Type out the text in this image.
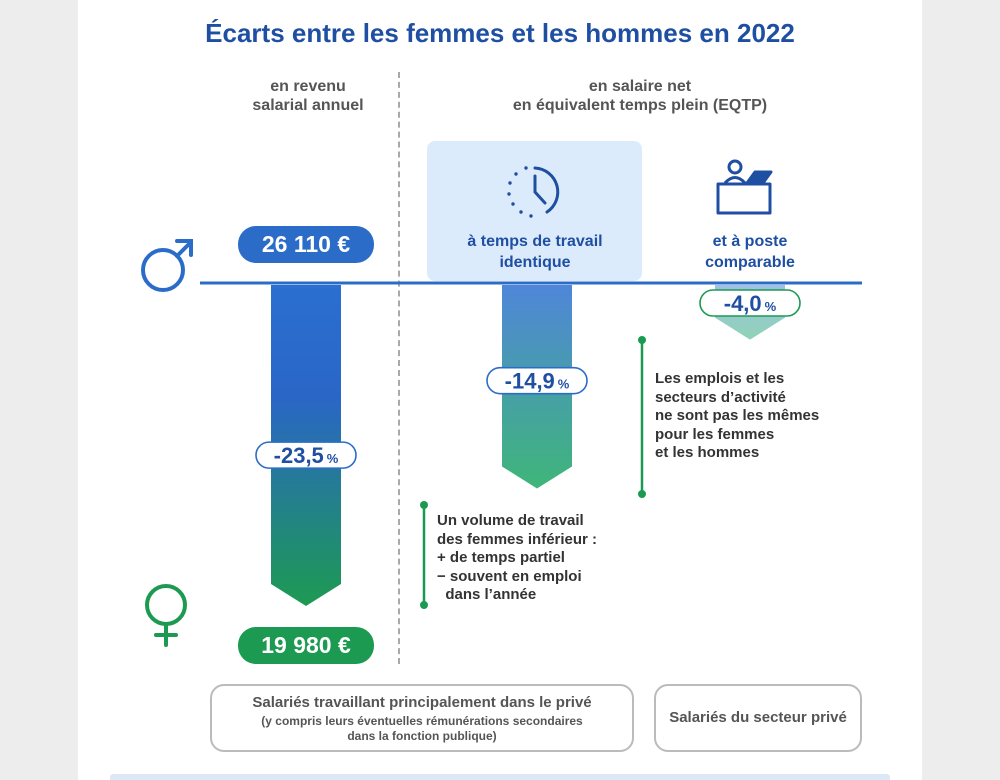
Écarts entre les femmes et les hommes en 2022
en revenu
salarial annuel
en salaire net
en équivalent temps plein (EQTP)
à temps de travail
identique
et à poste
comparable
-23,5 %
-14,9 %
-4,0 %
26 110 €
19 980 €
Un volume de travail
des femmes inférieur :
+ de temps partiel
− souvent en emploi
dans l’année
Les emplois et les
secteurs d’activité
ne sont pas les mêmes
pour les femmes
et les hommes
Salariés travaillant principalement dans le privé
(y compris leurs éventuelles rémunérations secondaires
dans la fonction publique)
Salariés du secteur privé
